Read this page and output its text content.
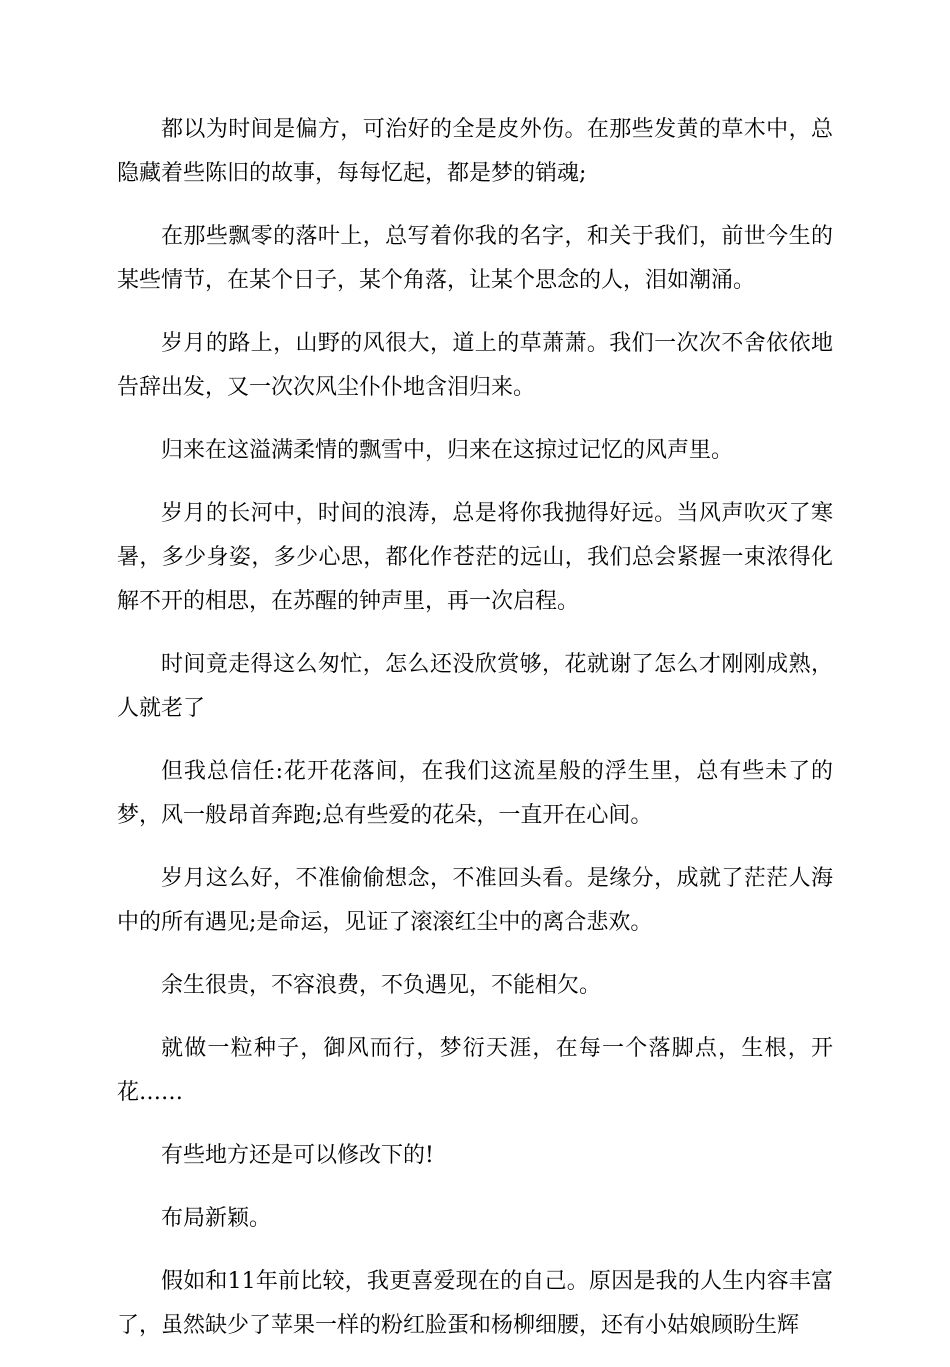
都以为时间是偏方，可治好的全是皮外伤。在那些发黄的草木中，总隐藏着些陈旧的故事，每每忆起，都是梦的销魂;

在那些飘零的落叶上，总写着你我的名字，和关于我们，前世今生的某些情节，在某个日子，某个角落，让某个思念的人，泪如潮涌。

岁月的路上，山野的风很大，道上的草萧萧。我们一次次不舍依依地告辞出发，又一次次风尘仆仆地含泪归来。

归来在这溢满柔情的飘雪中，归来在这掠过记忆的风声里。

岁月的长河中，时间的浪涛，总是将你我抛得好远。当风声吹灭了寒暑，多少身姿，多少心思，都化作苍茫的远山，我们总会紧握一束浓得化解不开的相思，在苏醒的钟声里，再一次启程。

时间竟走得这么匆忙，怎么还没欣赏够，花就谢了怎么才刚刚成熟，人就老了

但我总信任:花开花落间，在我们这流星般的浮生里，总有些未了的梦，风一般昂首奔跑;总有些爱的花朵，一直开在心间。

岁月这么好，不准偷偷想念，不准回头看。是缘分，成就了茫茫人海中的所有遇见;是命运，见证了滚滚红尘中的离合悲欢。

余生很贵，不容浪费，不负遇见，不能相欠。

就做一粒种子，御风而行，梦衍天涯，在每一个落脚点，生根，开花……

有些地方还是可以修改下的!

布局新颖。

假如和11年前比较，我更喜爱现在的自己。原因是我的人生内容丰富了，虽然缺少了苹果一样的粉红脸蛋和杨柳细腰，还有小姑娘顾盼生辉
